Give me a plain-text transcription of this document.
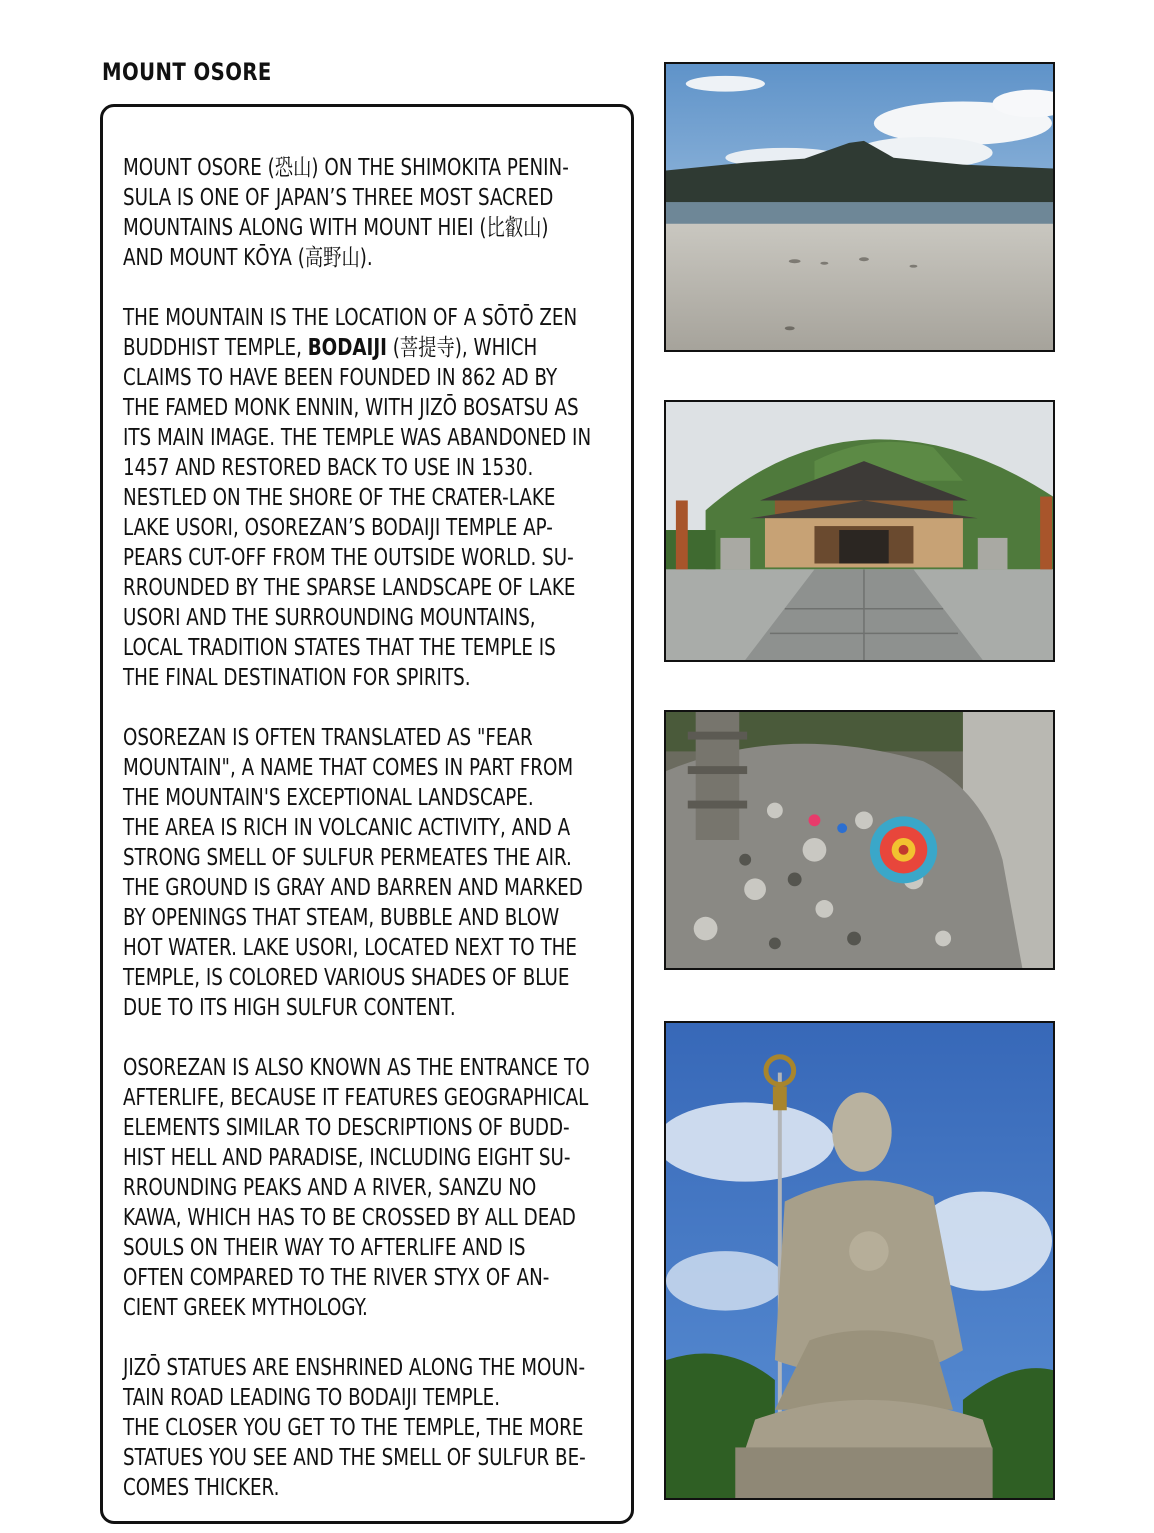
MOUNT OSORE

MOUNT OSORE (恐山) ON THE SHIMOKITA PENIN-
SULA IS ONE OF JAPAN’S THREE MOST SACRED
MOUNTAINS ALONG WITH MOUNT HIEI (比叡山)
AND MOUNT KŌYA (高野山).

THE MOUNTAIN IS THE LOCATION OF A SŌTŌ ZEN
BUDDHIST TEMPLE, BODAIJI (菩提寺), WHICH
CLAIMS TO HAVE BEEN FOUNDED IN 862 AD BY
THE FAMED MONK ENNIN, WITH JIZŌ BOSATSU AS
ITS MAIN IMAGE. THE TEMPLE WAS ABANDONED IN
1457 AND RESTORED BACK TO USE IN 1530.
NESTLED ON THE SHORE OF THE CRATER-LAKE
LAKE USORI, OSOREZAN’S BODAIJI TEMPLE AP-
PEARS CUT-OFF FROM THE OUTSIDE WORLD. SU-
RROUNDED BY THE SPARSE LANDSCAPE OF LAKE
USORI AND THE SURROUNDING MOUNTAINS,
LOCAL TRADITION STATES THAT THE TEMPLE IS
THE FINAL DESTINATION FOR SPIRITS.

OSOREZAN IS OFTEN TRANSLATED AS "FEAR
MOUNTAIN", A NAME THAT COMES IN PART FROM
THE MOUNTAIN'S EXCEPTIONAL LANDSCAPE.
THE AREA IS RICH IN VOLCANIC ACTIVITY, AND A
STRONG SMELL OF SULFUR PERMEATES THE AIR.
THE GROUND IS GRAY AND BARREN AND MARKED
BY OPENINGS THAT STEAM, BUBBLE AND BLOW
HOT WATER. LAKE USORI, LOCATED NEXT TO THE
TEMPLE, IS COLORED VARIOUS SHADES OF BLUE
DUE TO ITS HIGH SULFUR CONTENT.

OSOREZAN IS ALSO KNOWN AS THE ENTRANCE TO
AFTERLIFE, BECAUSE IT FEATURES GEOGRAPHICAL
ELEMENTS SIMILAR TO DESCRIPTIONS OF BUDD-
HIST HELL AND PARADISE, INCLUDING EIGHT SU-
RROUNDING PEAKS AND A RIVER, SANZU NO
KAWA, WHICH HAS TO BE CROSSED BY ALL DEAD
SOULS ON THEIR WAY TO AFTERLIFE AND IS
OFTEN COMPARED TO THE RIVER STYX OF AN-
CIENT GREEK MYTHOLOGY.

JIZŌ STATUES ARE ENSHRINED ALONG THE MOUN-
TAIN ROAD LEADING TO BODAIJI TEMPLE.
THE CLOSER YOU GET TO THE TEMPLE, THE MORE
STATUES YOU SEE AND THE SMELL OF SULFUR BE-
COMES THICKER.
